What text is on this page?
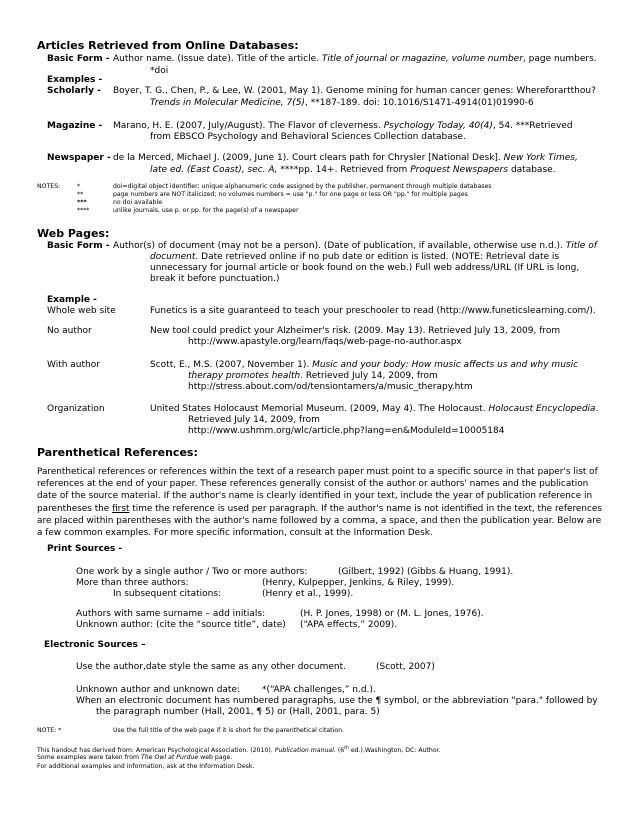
Articles Retrieved from Online Databases:
Basic Form - Author name. (Issue date). Title of the article. Title of journal or magazine, volume number, page numbers.
*doi
Examples -
Scholarly - Boyer, T. G., Chen, P., & Lee, W. (2001, May 1). Genome mining for human cancer genes: Whereforartthou?
Trends in Molecular Medicine, 7(5), **187-189. doi: 10.1016/S1471-4914(01)01990-6
Magazine - Marano, H. E. (2007, July/August). The Flavor of cleverness. Psychology Today, 40(4), 54. ***Retrieved
from EBSCO Psychology and Behavioral Sciences Collection database.
Newspaper - de la Merced, Michael J. (2009, June 1). Court clears path for Chrysler [National Desk]. New York Times,
late ed. (East Coast), sec. A, ****pp. 14+. Retrieved from Proquest Newspapers database.
NOTES:	*	doi=digital object identifier; unique alphanumeric code assigned by the publisher, permanent through multiple databases
**	page numbers are NOT italicized; no volumes numbers = use "p." for one page or less OR "pp." for multiple pages
***	no doi available
****	unlike journals, use p. or pp. for the page(s) of a newspaper
Web Pages:
Basic Form - Author(s) of document (may not be a person). (Date of publication, if available, otherwise use n.d.). Title of
document. Date retrieved online if no pub date or edition is listed. (NOTE: Retrieval date is
unnecessary for journal article or book found on the web.) Full web address/URL (If URL is long,
break it before punctuation.)
Example -
Whole web site	Funetics is a site guaranteed to teach your preschooler to read (http://www.funeticslearning.com/).
No author	New tool could predict your Alzheimer's risk. (2009. May 13). Retrieved July 13, 2009, from
http://www.apastyle.org/learn/faqs/web-page-no-author.aspx
With author	Scott, E., M.S. (2007, November 1). Music and your body: How music affects us and why music
therapy promotes health. Retrieved July 14, 2009, from
http://stress.about.com/od/tensiontamers/a/music_therapy.htm
Organization	United States Holocaust Memorial Museum. (2009, May 4). The Holocaust. Holocaust Encyclopedia.
Retrieved July 14, 2009, from
http://www.ushmm.org/wlc/article.php?lang=en&ModuleId=10005184
Parenthetical References:
Parenthetical references or references within the text of a research paper must point to a specific source in that paper's list of references at the end of your paper. These references generally consist of the author or authors' names and the publication date of the source material. If the author's name is clearly identified in your text, include the year of publication reference in parentheses the first time the reference is used per paragraph. If the author's name is not identified in the text, the references are placed within parentheses with the author's name followed by a comma, a space, and then the publication year. Below are a few common examples. For more specific information, consult at the Information Desk.
Print Sources -
One work by a single author / Two or more authors:	(Gilbert, 1992) (Gibbs & Huang, 1991).
More than three authors:	(Henry, Kulpepper, Jenkins, & Riley, 1999).
In subsequent citations:	(Henry et al., 1999).
Authors with same surname – add initials:	(H. P. Jones, 1998) or (M. L. Jones, 1976).
Unknown author: (cite the “source title”, date) (“APA effects,” 2009).
Electronic Sources –
Use the author,date style the same as any other document.	(Scott, 2007)
Unknown author and unknown date: *(“APA challenges,” n.d.).
When an electronic document has numbered paragraphs, use the ¶ symbol, or the abbreviation "para." followed by
the paragraph number (Hall, 2001, ¶ 5) or (Hall, 2001, para. 5)
NOTE: *	Use the full title of the web page if it is short for the parenthetical citation.
This handout has derived from: American Psychological Association. (2010). Publication manual. (6th ed.).Washington, DC: Author.
Some examples were taken from The Owl at Purdue web page.
For additional examples and information, ask at the Information Desk.
